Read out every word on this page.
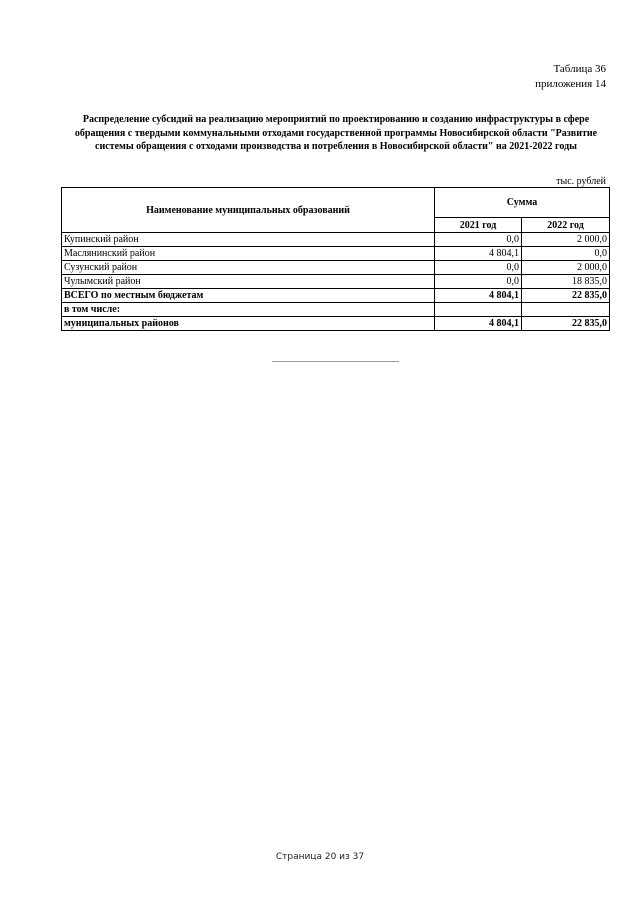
Таблица 36
приложения 14
Распределение субсидий на реализацию мероприятий по проектированию и созданию инфраструктуры в сфере обращения с твердыми коммунальными отходами государственной программы Новосибирской области "Развитие системы обращения с отходами производства и потребления в Новосибирской области" на 2021-2022 годы
тыс. рублей
Наименование муниципальных образований	Сумма	
	2021 год	2022 год
Купинский район	0,0	2 000,0
Маслянинский район	4 804,1	0,0
Сузунский район	0,0	2 000,0
Чулымский район	0,0	18 835,0
ВСЕГО по местным бюджетам	4 804,1	22 835,0
в том числе:		
муниципальных районов	4 804,1	22 835,0
Страница 20 из 37
